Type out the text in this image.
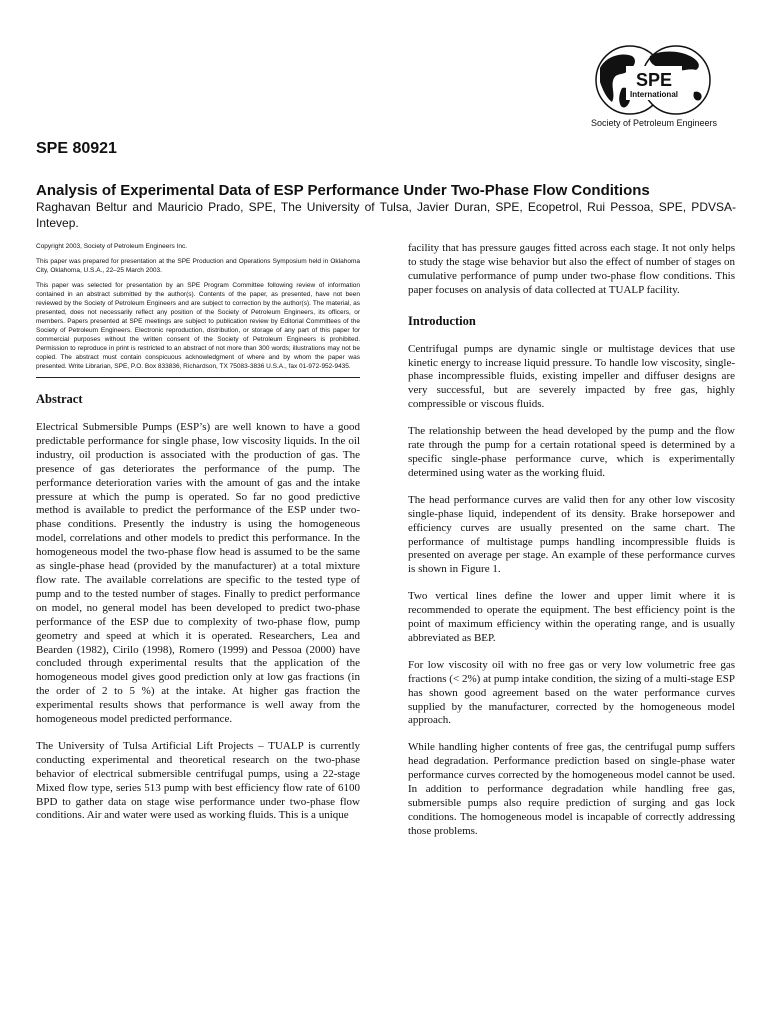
SPE
International
Society of Petroleum Engineers
SPE 80921
Analysis of Experimental Data of ESP Performance Under Two-Phase Flow Conditions
Raghavan Beltur and Mauricio Prado, SPE, The University of Tulsa, Javier Duran, SPE, Ecopetrol, Rui Pessoa, SPE, PDVSA-Intevep.

Copyright 2003, Society of Petroleum Engineers Inc.

This paper was prepared for presentation at the SPE Production and Operations Symposium held in Oklahoma City, Oklahoma, U.S.A., 22–25 March 2003.

This paper was selected for presentation by an SPE Program Committee following review of information contained in an abstract submitted by the author(s). Contents of the paper, as presented, have not been reviewed by the Society of Petroleum Engineers and are subject to correction by the author(s). The material, as presented, does not necessarily reflect any position of the Society of Petroleum Engineers, its officers, or members. Papers presented at SPE meetings are subject to publication review by Editorial Committees of the Society of Petroleum Engineers. Electronic reproduction, distribution, or storage of any part of this paper for commercial purposes without the written consent of the Society of Petroleum Engineers is prohibited. Permission to reproduce in print is restricted to an abstract of not more than 300 words; illustrations may not be copied. The abstract must contain conspicuous acknowledgment of where and by whom the paper was presented. Write Librarian, SPE, P.O. Box 833836, Richardson, TX 75083-3836 U.S.A., fax 01-972-952-9435.

Abstract

Electrical Submersible Pumps (ESP’s) are well known to have a good predictable performance for single phase, low viscosity liquids. In the oil industry, oil production is associated with the production of gas. The presence of gas deteriorates the performance of the pump. The performance deterioration varies with the amount of gas and the intake pressure at which the pump is operated. So far no good predictive method is available to predict the performance of the ESP under two-phase conditions. Presently the industry is using the homogeneous model, correlations and other models to predict this performance. In the homogeneous model the two-phase flow head is assumed to be the same as single-phase head (provided by the manufacturer) at a total mixture flow rate. The available correlations are specific to the tested type of pump and to the tested number of stages. Finally to predict performance on model, no general model has been developed to predict two-phase performance of the ESP due to complexity of two-phase flow, pump geometry and speed at which it is operated. Researchers, Lea and Bearden (1982), Cirilo (1998), Romero (1999) and Pessoa (2000) have concluded through experimental results that the application of the homogeneous model gives good prediction only at low gas fractions (in the order of 2 to 5 %) at the intake. At higher gas fraction the experimental results shows that performance is well away from the homogeneous model predicted performance.

The University of Tulsa Artificial Lift Projects – TUALP is currently conducting experimental and theoretical research on the two-phase behavior of electrical submersible centrifugal pumps, using a 22-stage Mixed flow type, series 513 pump with best efficiency flow rate of 6100 BPD to gather data on stage wise performance under two-phase flow conditions. Air and water were used as working fluids. This is a unique

facility that has pressure gauges fitted across each stage. It not only helps to study the stage wise behavior but also the effect of number of stages on cumulative performance of pump under two-phase flow conditions. This paper focuses on analysis of data collected at TUALP facility.

Introduction

Centrifugal pumps are dynamic single or multistage devices that use kinetic energy to increase liquid pressure. To handle low viscosity, single-phase incompressible fluids, existing impeller and diffuser designs are very successful, but are severely impacted by free gas, highly compressible or viscous fluids.

The relationship between the head developed by the pump and the flow rate through the pump for a certain rotational speed is determined by a specific single-phase performance curve, which is experimentally determined using water as the working fluid.

The head performance curves are valid then for any other low viscosity single-phase liquid, independent of its density. Brake horsepower and efficiency curves are usually presented on the same chart. The performance of multistage pumps handling incompressible fluids is presented on average per stage. An example of these performance curves is shown in Figure 1.

Two vertical lines define the lower and upper limit where it is recommended to operate the equipment. The best efficiency point is the point of maximum efficiency within the operating range, and is usually abbreviated as BEP.

For low viscosity oil with no free gas or very low volumetric free gas fractions (< 2%) at pump intake condition, the sizing of a multi-stage ESP has shown good agreement based on the water performance curves supplied by the manufacturer, corrected by the homogeneous model approach.

While handling higher contents of free gas, the centrifugal pump suffers head degradation. Performance prediction based on single-phase water performance curves corrected by the homogeneous model cannot be used. In addition to performance degradation while handling free gas, submersible pumps also require prediction of surging and gas lock conditions. The homogeneous model is incapable of correctly addressing those problems.
